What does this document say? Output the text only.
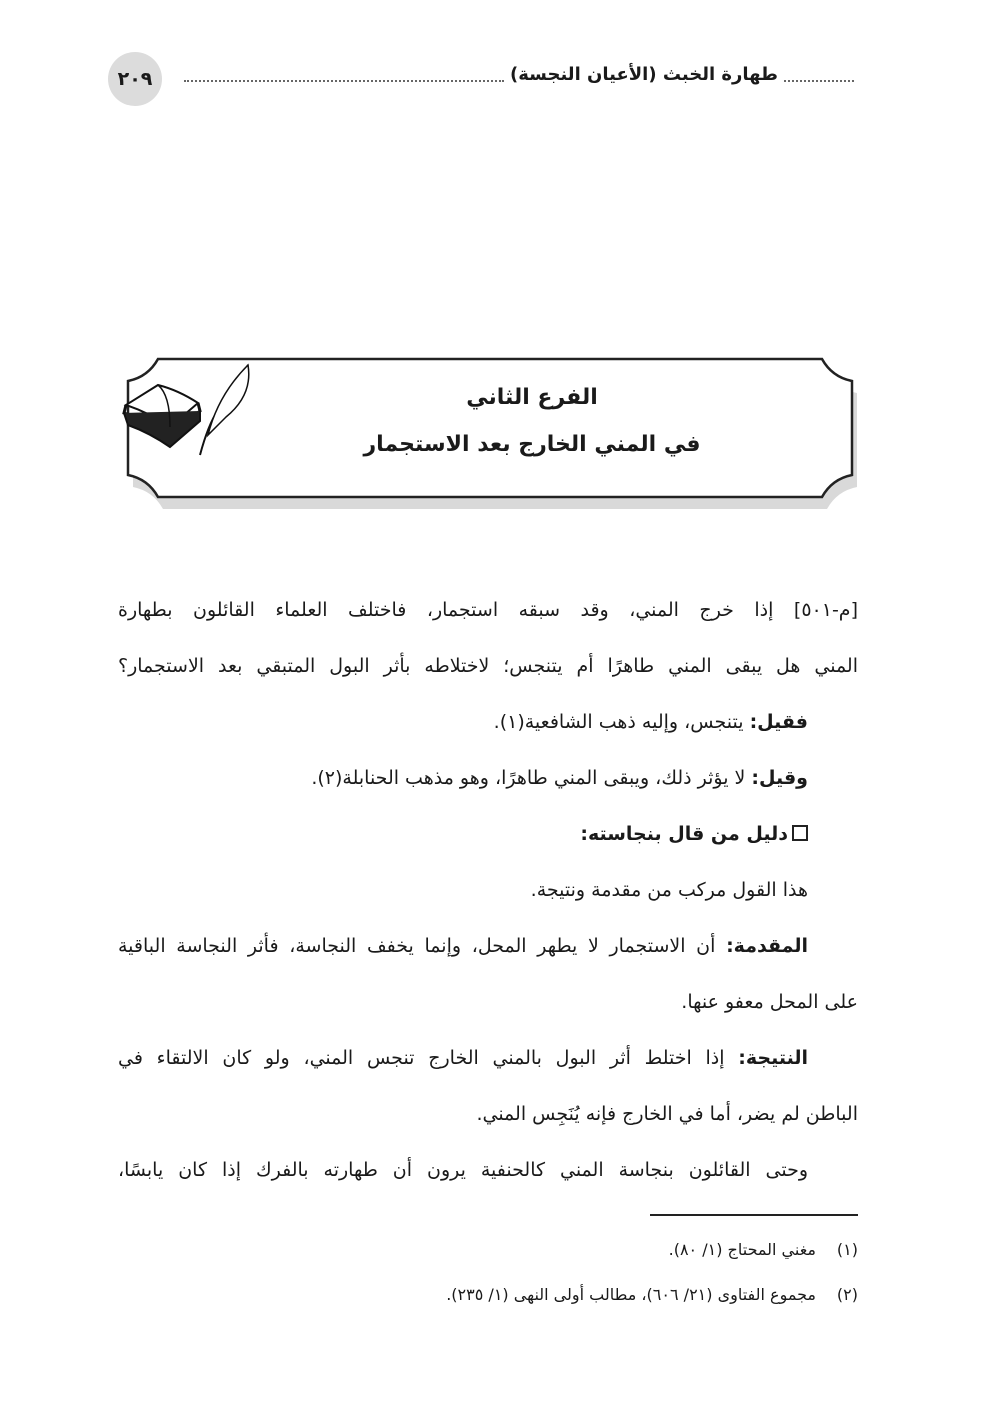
٢٠٩	طهارة الخبث (الأعيان النجسة)
الفرع الثاني
في المني الخارج بعد الاستجمار
[م-٥٠١] إذا خرج المني، وقد سبقه استجمار، فاختلف العلماء القائلون بطهارة
المني هل يبقى المني طاهرًا أم يتنجس؛ لاختلاطه بأثر البول المتبقي بعد الاستجمار؟
فقيل: يتنجس، وإليه ذهب الشافعية(١).
وقيل: لا يؤثر ذلك، ويبقى المني طاهرًا، وهو مذهب الحنابلة(٢).
دليل من قال بنجاسته:
هذا القول مركب من مقدمة ونتيجة.
المقدمة: أن الاستجمار لا يطهر المحل، وإنما يخفف النجاسة، فأثر النجاسة الباقية
على المحل معفو عنها.
النتيجة: إذا اختلط أثر البول بالمني الخارج تنجس المني، ولو كان الالتقاء في
الباطن لم يضر، أما في الخارج فإنه يُنَجِس المني.
وحتى القائلون بنجاسة المني كالحنفية يرون أن طهارته بالفرك إذا كان يابسًا،
(١)مغني المحتاج (١/ ٨٠).
(٢)مجموع الفتاوى (٢١/ ٦٠٦)، مطالب أولى النهى (١/ ٢٣٥).
